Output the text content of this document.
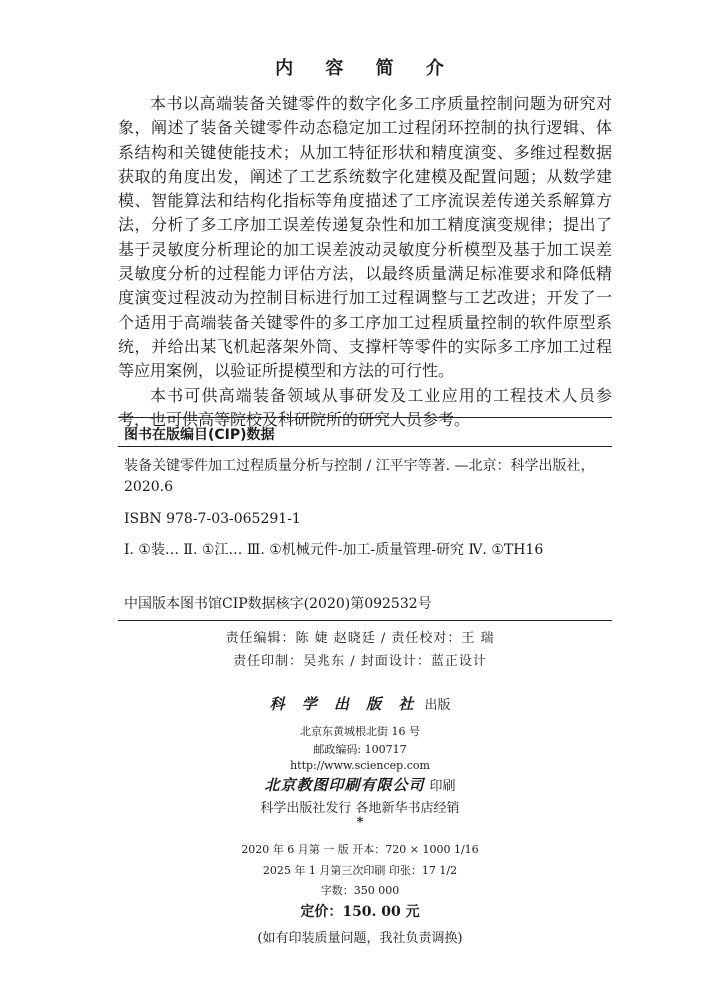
内 容 简 介

本书以高端装备关键零件的数字化多工序质量控制问题为研究对象，阐述了装备关键零件动态稳定加工过程闭环控制的执行逻辑、体系结构和关键使能技术；从加工特征形状和精度演变、多维过程数据获取的角度出发，阐述了工艺系统数字化建模及配置问题；从数学建模、智能算法和结构化指标等角度描述了工序流误差传递关系解算方法，分析了多工序加工误差传递复杂性和加工精度演变规律；提出了基于灵敏度分析理论的加工误差波动灵敏度分析模型及基于加工误差灵敏度分析的过程能力评估方法，以最终质量满足标准要求和降低精度演变过程波动为控制目标进行加工过程调整与工艺改进；开发了一个适用于高端装备关键零件的多工序加工过程质量控制的软件原型系统，并给出某飞机起落架外筒、支撑杆等零件的实际多工序加工过程等应用案例，以验证所提模型和方法的可行性。

本书可供高端装备领域从事研发及工业应用的工程技术人员参考，也可供高等院校及科研院所的研究人员参考。

图书在版编目(CIP)数据
装备关键零件加工过程质量分析与控制 / 江平宇等著. —北京：科学出版社，2020.6
ISBN 978-7-03-065291-1
Ⅰ. ①装… Ⅱ. ①江… Ⅲ. ①机械元件-加工-质量管理-研究 Ⅳ. ①TH16
中国版本图书馆CIP数据核字(2020)第092532号
责任编辑：陈 婕 赵晓廷 / 责任校对：王 瑞
责任印制：吴兆东 / 封面设计：蓝正设计
科 学 出 版 社 出版
北京东黄城根北街 16 号
邮政编码: 100717
http://www.sciencep.com
北京教图印刷有限公司 印刷
科学出版社发行 各地新华书店经销
*
2020 年 6 月第 一 版 开本：720 × 1000 1/16
2025 年 1 月第三次印刷 印张：17 1/2
字数：350 000
定价：150. 00 元
(如有印装质量问题，我社负责调换)
